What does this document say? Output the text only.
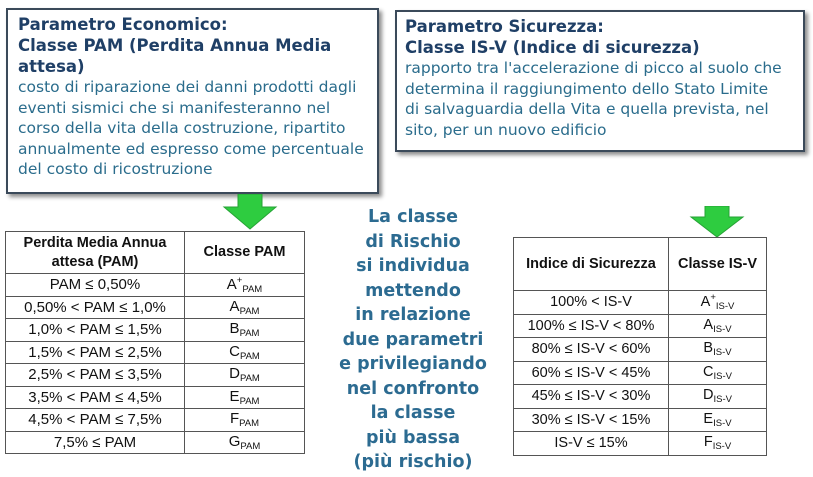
Parametro Economico:

Classe PAM (Perdita Annua Media

attesa)

costo di riparazione dei danni prodotti dagli

eventi sismici che si manifesteranno nel

corso della vita della costruzione, ripartito

annualmente ed espresso come percentuale

del costo di ricostruzione

Parametro Sicurezza:

Classe IS-V (Indice di sicurezza)

rapporto tra l'accelerazione di picco al suolo che

determina il raggiungimento dello Stato Limite

di salvaguardia della Vita e quella prevista, nel

sito, per un nuovo edificio

Perdita Media Annua
attesa (PAM)	Classe PAM
PAM ≤ 0,50%	$A^+_{PAM}$
0,50% < PAM ≤ 1,0%	$A_{PAM}$
1,0% < PAM ≤ 1,5%	$B_{PAM}$
1,5% < PAM ≤ 2,5%	$C_{PAM}$
2,5% < PAM ≤ 3,5%	$D_{PAM}$
3,5% < PAM ≤ 4,5%	$E_{PAM}$
4,5% < PAM ≤ 7,5%	$F_{PAM}$
7,5% ≤ PAM	$G_{PAM}$
La classe
di Rischio
si individua
mettendo
in relazione
due parametri
e privilegiando
nel confronto
la classe
più bassa
(più rischio)
Indice di Sicurezza	Classe IS-V
100% < IS-V	$A^+_{IS-V}$
100% ≤ IS-V < 80%	$A_{IS-V}$
80% ≤ IS-V < 60%	$B_{IS-V}$
60% ≤ IS-V < 45%	$C_{IS-V}$
45% ≤ IS-V < 30%	$D_{IS-V}$
30% ≤ IS-V < 15%	$E_{IS-V}$
IS-V ≤ 15%	$F_{IS-V}$
